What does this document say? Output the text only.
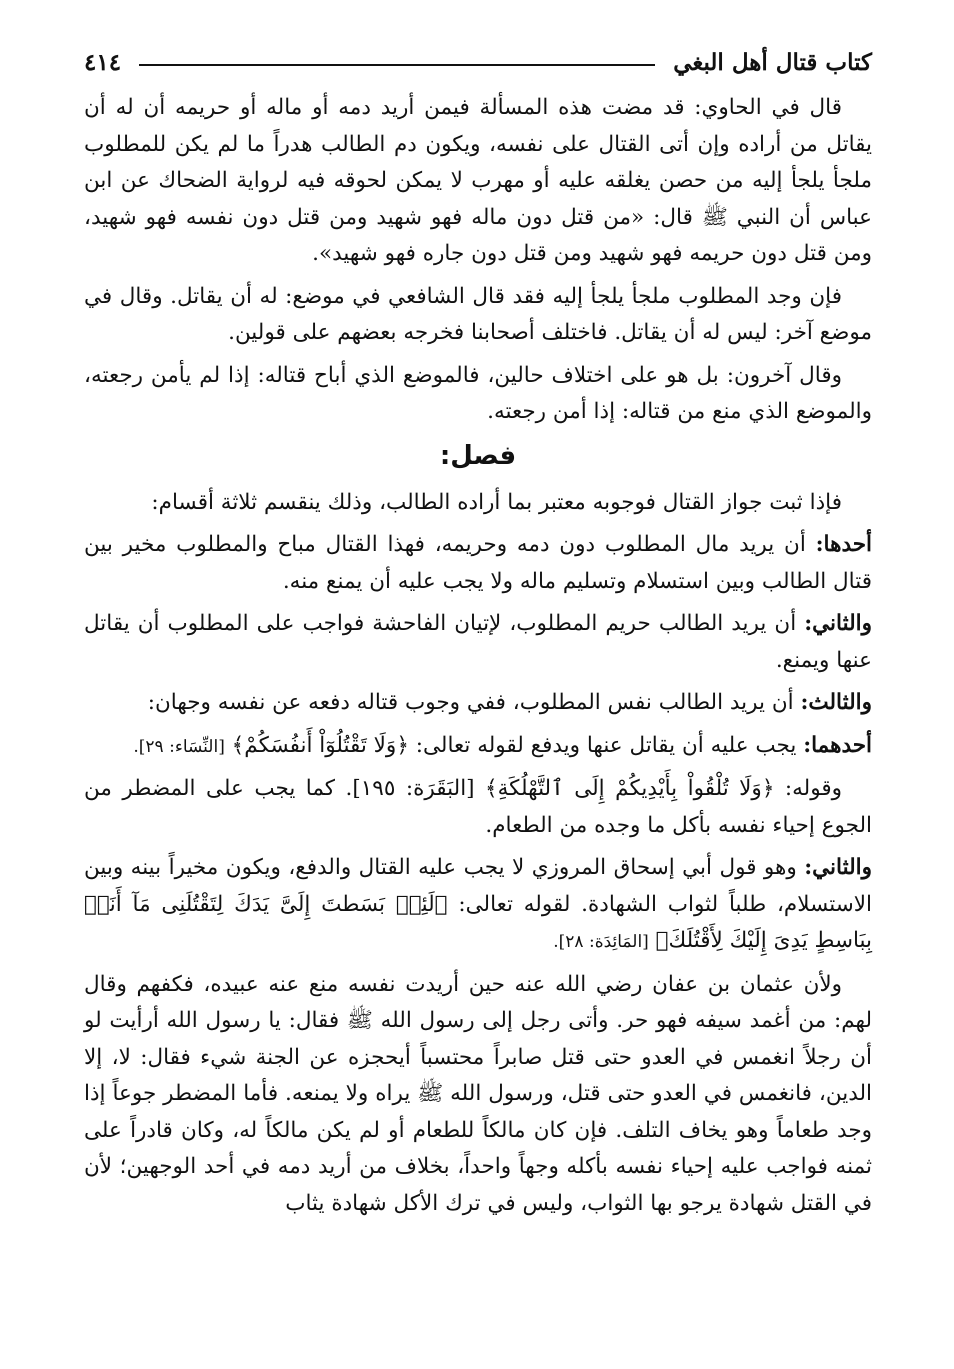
كتاب قتال أهل البغي
٤١٤

قال في الحاوي: قد مضت هذه المسألة فيمن أريد دمه أو ماله أو حريمه أن له أن يقاتل من أراده وإن أتى القتال على نفسه، ويكون دم الطالب هدراً ما لم يكن للمطلوب ملجأ يلجأ إليه من حصن يغلقه عليه أو مهرب لا يمكن لحوقه فيه لرواية الضحاك عن ابن عباس أن النبي ﷺ قال: «من قتل دون ماله فهو شهيد ومن قتل دون نفسه فهو شهيد، ومن قتل دون حريمه فهو شهيد ومن قتل دون جاره فهو شهيد».

فإن وجد المطلوب ملجأ يلجأ إليه فقد قال الشافعي في موضع: له أن يقاتل. وقال في موضع آخر: ليس له أن يقاتل. فاختلف أصحابنا فخرجه بعضهم على قولين.

وقال آخرون: بل هو على اختلاف حالين، فالموضع الذي أباح قتاله: إذا لم يأمن رجعته، والموضع الذي منع من قتاله: إذا أمن رجعته.

فصل:

فإذا ثبت جواز القتال فوجوبه معتبر بما أراده الطالب، وذلك ينقسم ثلاثة أقسام:

أحدها: أن يريد مال المطلوب دون دمه وحريمه، فهذا القتال مباح والمطلوب مخير بين قتال الطالب وبين استسلام وتسليم ماله ولا يجب عليه أن يمنع منه.

والثاني: أن يريد الطالب حريم المطلوب، لإتيان الفاحشة فواجب على المطلوب أن يقاتل عنها ويمنع.

والثالث: أن يريد الطالب نفس المطلوب، ففي وجوب قتاله دفعه عن نفسه وجهان:

أحدهما: يجب عليه أن يقاتل عنها ويدفع لقوله تعالى: ﴿وَلَا تَقْتُلُوٓاْ أَنفُسَكُمْ﴾ [النِّسَاء: ٢٩].

وقوله: ﴿وَلَا تُلْقُواْ بِأَيْدِيكُمْ إِلَى ٱلتَّهْلُكَةِ﴾ [البَقَرَة: ١٩٥]. كما يجب على المضطر من الجوع إحياء نفسه بأكل ما وجده من الطعام.

والثاني: وهو قول أبي إسحاق المروزي لا يجب عليه القتال والدفع، ويكون مخيراً بينه وبين الاستسلام، طلباً لثواب الشهادة. لقوله تعالى: ﴿لَئِنۢ بَسَطتَ إِلَىَّ يَدَكَ لِتَقْتُلَنِى مَآ أَنَا۠ بِبَاسِطٍ يَدِىَ إِلَيْكَ لِأَقْتُلَكَ﴾ [المَائِدَة: ٢٨].

ولأن عثمان بن عفان رضي الله عنه حين أريدت نفسه منع عنه عبيده، فكفهم وقال لهم: من أغمد سيفه فهو حر. وأتى رجل إلى رسول الله ﷺ فقال: يا رسول الله أرأيت لو أن رجلاً انغمس في العدو حتى قتل صابراً محتسباً أيحجزه عن الجنة شيء فقال: لا، إلا الدين، فانغمس في العدو حتى قتل، ورسول الله ﷺ يراه ولا يمنعه. فأما المضطر جوعاً إذا وجد طعاماً وهو يخاف التلف. فإن كان مالكاً للطعام أو لم يكن مالكاً له، وكان قادراً على ثمنه فواجب عليه إحياء نفسه بأكله وجهاً واحداً، بخلاف من أريد دمه في أحد الوجهين؛ لأن في القتل شهادة يرجو بها الثواب، وليس في ترك الأكل شهادة يثاب
